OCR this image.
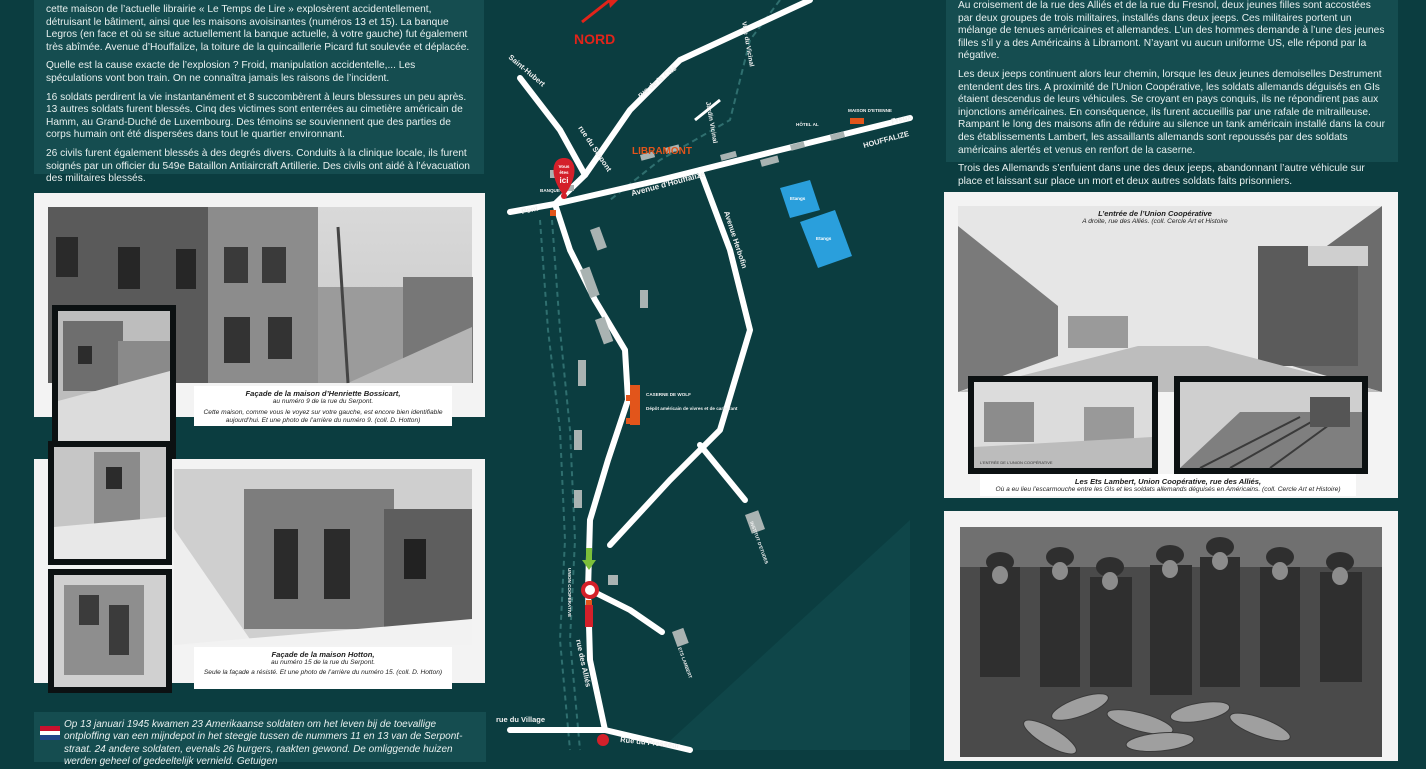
cette maison de l’actuelle librairie « Le Temps de Lire » explosèrent accidentellement, détruisant le bâtiment, ainsi que les maisons avoisinantes (numéros 13 et 15). La banque Legros (en face et où se situe actuellement la banque actuelle, à votre gauche) fut également très abîmée. Avenue d’Houffalize, la toiture de la quincaillerie Picard fut soulevée et déplacée.

Quelle est la cause exacte de l’explosion ? Froid, manipulation accidentelle,... Les spéculations vont bon train. On ne connaîtra jamais les raisons de l’incident.

16 soldats perdirent la vie instantanément et 8 succombèrent à leurs blessures un peu après. 13 autres soldats furent blessés. Cinq des victimes sont enterrées au cimetière américain de Hamm, au Grand-Duché de Luxembourg. Des témoins se souviennent que des parties de corps humain ont été dispersées dans tout le quartier environnant.

26 civils furent également blessés à des degrés divers. Conduits à la clinique locale, ils furent soignés par un officier du 549e Bataillon Antiaircraft Artillerie. Des civils ont aidé à l’évacuation des militaires blessés.

Au croisement de la rue des Alliés et de la rue du Fresnol, deux jeunes filles sont accostées par deux groupes de trois militaires, installés dans deux jeeps. Ces militaires portent un mélange de tenues américaines et allemandes. L’un des hommes demande à l’une des jeunes filles s’il y a des Américains à Libramont. N’ayant vu aucun uniforme US, elle répond par la négative.

Les deux jeeps continuent alors leur chemin, lorsque les deux jeunes demoiselles Destrument entendent des tirs. A proximité de l’Union Coopérative, les soldats allemands déguisés en GIs étaient descendus de leurs véhicules. Se croyant en pays conquis, ils ne répondirent pas aux injonctions américaines. En conséquence, ils furent accueillis par une rafale de mitrailleuse. Rampant le long des maisons afin de réduire au silence un tank américain installé dans la cour des établissements Lambert, les assaillants allemands sont repoussés par des soldats américains alertés et venus en renfort de la caserne.

Trois des Allemands s’enfuient dans une des deux jeeps, abandonnant l’autre véhicule sur place et laissant sur place un mort et deux autres soldats faits prisonniers.

Façade de la maison d’Henriette Bossicart,
au numéro 9 de la rue du Serpont.
Cette maison, comme vous le voyez sur votre gauche, est encore bien identifiable aujourd’hui. Et une photo de l’arrière du numéro 9. (coll. D. Hotton)
Façade de la maison Hotton,
au numéro 15 de la rue du Serpont.
Seule la façade a résisté. Et une photo de l’arrière du numéro 15. (coll. D. Hotton)
Op 13 januari 1945 kwamen 23 Amerikaanse soldaten om het leven bij de toevallige ontploffing van een mijndepot in het steegje tussen de nummers 11 en 13 van de Serpont-straat. 24 andere soldaten, evenals 26 burgers, raakten gewond. De omliggende huizen werden geheel of gedeeltelijk vernield. Getuigen
L’entrée de l’Union Coopérative
A droite, rue des Alliés. (coll. Cercle Art et Histoire
L'ENTRÉE DE L'UNION COOPÉRATIVE
Les Ets Lambert, Union Coopérative, rue des Alliés,
Où a eu lieu l’escarmouche entre les GIs et les soldats allemands déguisés en Américains. (coll. Cercle Art et Histoire)
Vous
êtes
ici
NORD
LIBRAMONT
Saint-Hubert	rue de la Cité
rue du Serpont
Avenue d'Houffalize
Avenue Herbofin
rue des Alliés
rue du Village
Rue du Presseur
Freux
HOUFFALIZE
Pont
Voie du Vicinal
Jardin Vicinal	MAISON D'ETIENNE
HÔTEL AL
CASERNE DE WOLF
Dépôt américain de vivres et de carburant
Etangs
Etangs
INSTITUT D'ETUDES
UNION COOPÉRATIVE
ETS LAMBERT
BANQUE
